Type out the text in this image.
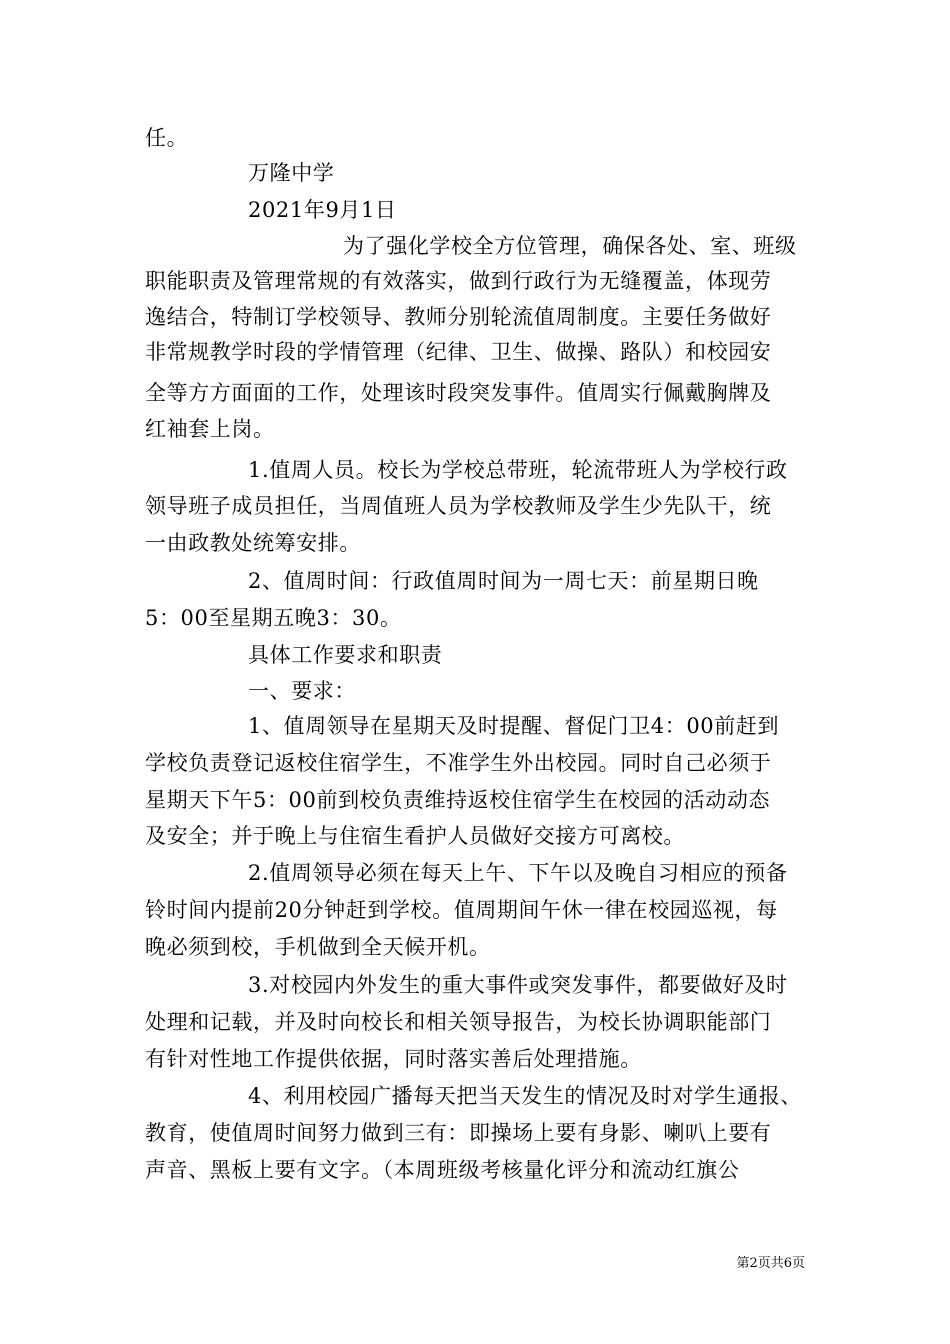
任。
万隆中学
2021年9月1日
为了强化学校全方位管理，确保各处、室、班级
职能职责及管理常规的有效落实，做到行政行为无缝覆盖，体现劳
逸结合，特制订学校领导、教师分别轮流值周制度。主要任务做好
非常规教学时段的学情管理（纪律、卫生、做操、路队）和校园安
全等方方面面的工作，处理该时段突发事件。值周实行佩戴胸牌及
红袖套上岗。
1.值周人员。校长为学校总带班，轮流带班人为学校行政
领导班子成员担任，当周值班人员为学校教师及学生少先队干，统
一由政教处统筹安排。
2、值周时间：行政值周时间为一周七天：前星期日晚
5：00至星期五晚3：30。
具体工作要求和职责
一、要求：
1、值周领导在星期天及时提醒、督促门卫4：00前赶到
学校负责登记返校住宿学生，不准学生外出校园。同时自己必须于
星期天下午5：00前到校负责维持返校住宿学生在校园的活动动态
及安全；并于晚上与住宿生看护人员做好交接方可离校。
2.值周领导必须在每天上午、下午以及晚自习相应的预备
铃时间内提前20分钟赶到学校。值周期间午休一律在校园巡视，每
晚必须到校，手机做到全天候开机。
3.对校园内外发生的重大事件或突发事件，都要做好及时
处理和记载，并及时向校长和相关领导报告，为校长协调职能部门
有针对性地工作提供依据，同时落实善后处理措施。
4、利用校园广播每天把当天发生的情况及时对学生通报、
教育，使值周时间努力做到三有：即操场上要有身影、喇叭上要有
声音、黑板上要有文字。（本周班级考核量化评分和流动红旗公
第2页共6页
